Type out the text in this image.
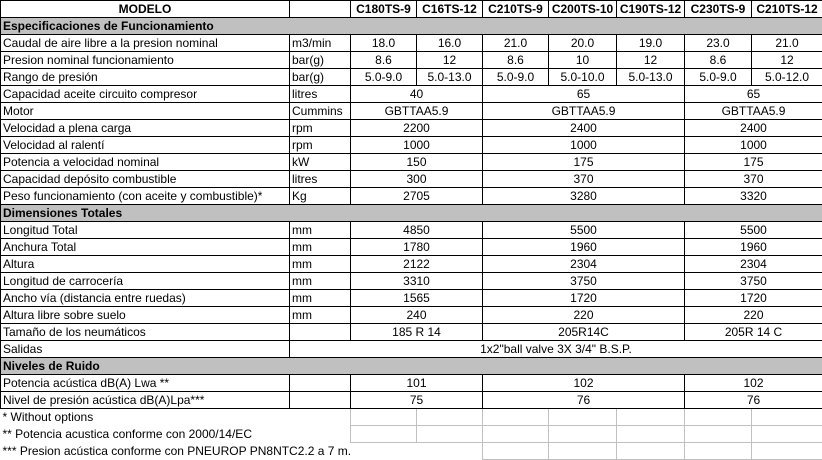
MODELO		C180TS-9	C16TS-12	C210TS-9	C200TS-10	C190TS-12	C230TS-9	C210TS-12
Especificaciones de Funcionamiento								
Caudal de aire libre a la presion nominal	m3/min	18.0	16.0	21.0	20.0	19.0	23.0	21.0
Presion nominal funcionamiento	bar(g)	8.6	12	8.6	10	12	8.6	12
Rango de presión	bar(g)	5.0-9.0	5.0-13.0	5.0-9.0	5.0-10.0	5.0-13.0	5.0-9.0	5.0-12.0
Capacidad aceite circuito compresor	litres	40		65			65	
Motor	Cummins	GBTTAA5.9		GBTTAA5.9			GBTTAA5.9	
Velocidad a plena carga	rpm	2200		2400			2400	
Velocidad al ralentí	rpm	1000		1000			1000	
Potencia a velocidad nominal	kW	150		175			175	
Capacidad depósito combustible	litres	300		370			370	
Peso funcionamiento (con aceite y combustible)*	Kg	2705		3280			3320	
Dimensiones Totales								
Longitud Total	mm	4850		5500			5500	
Anchura Total	mm	1780		1960			1960	
Altura	mm	2122		2304			2304	
Longitud de carrocería	mm	3310		3750			3750	
Ancho vía (distancia entre ruedas)	mm	1565		1720			1720	
Altura libre sobre suelo	mm	240		220			220	
Tamaño de los neumáticos		185 R 14		205R14C			205R 14 C	
Salidas	1x2"ball valve 3X 3/4" B.S.P.							
Niveles de Ruido								
Potencia acústica dB(A) Lwa **		101		102			102	
Nivel de presión acústica dB(A)Lpa***		75		76			76	
* Without options								
** Potencia acustica conforme con 2000/14/EC								
*** Presion acústica conforme con PNEUROP PN8NTC2.2 a 7 m.								
